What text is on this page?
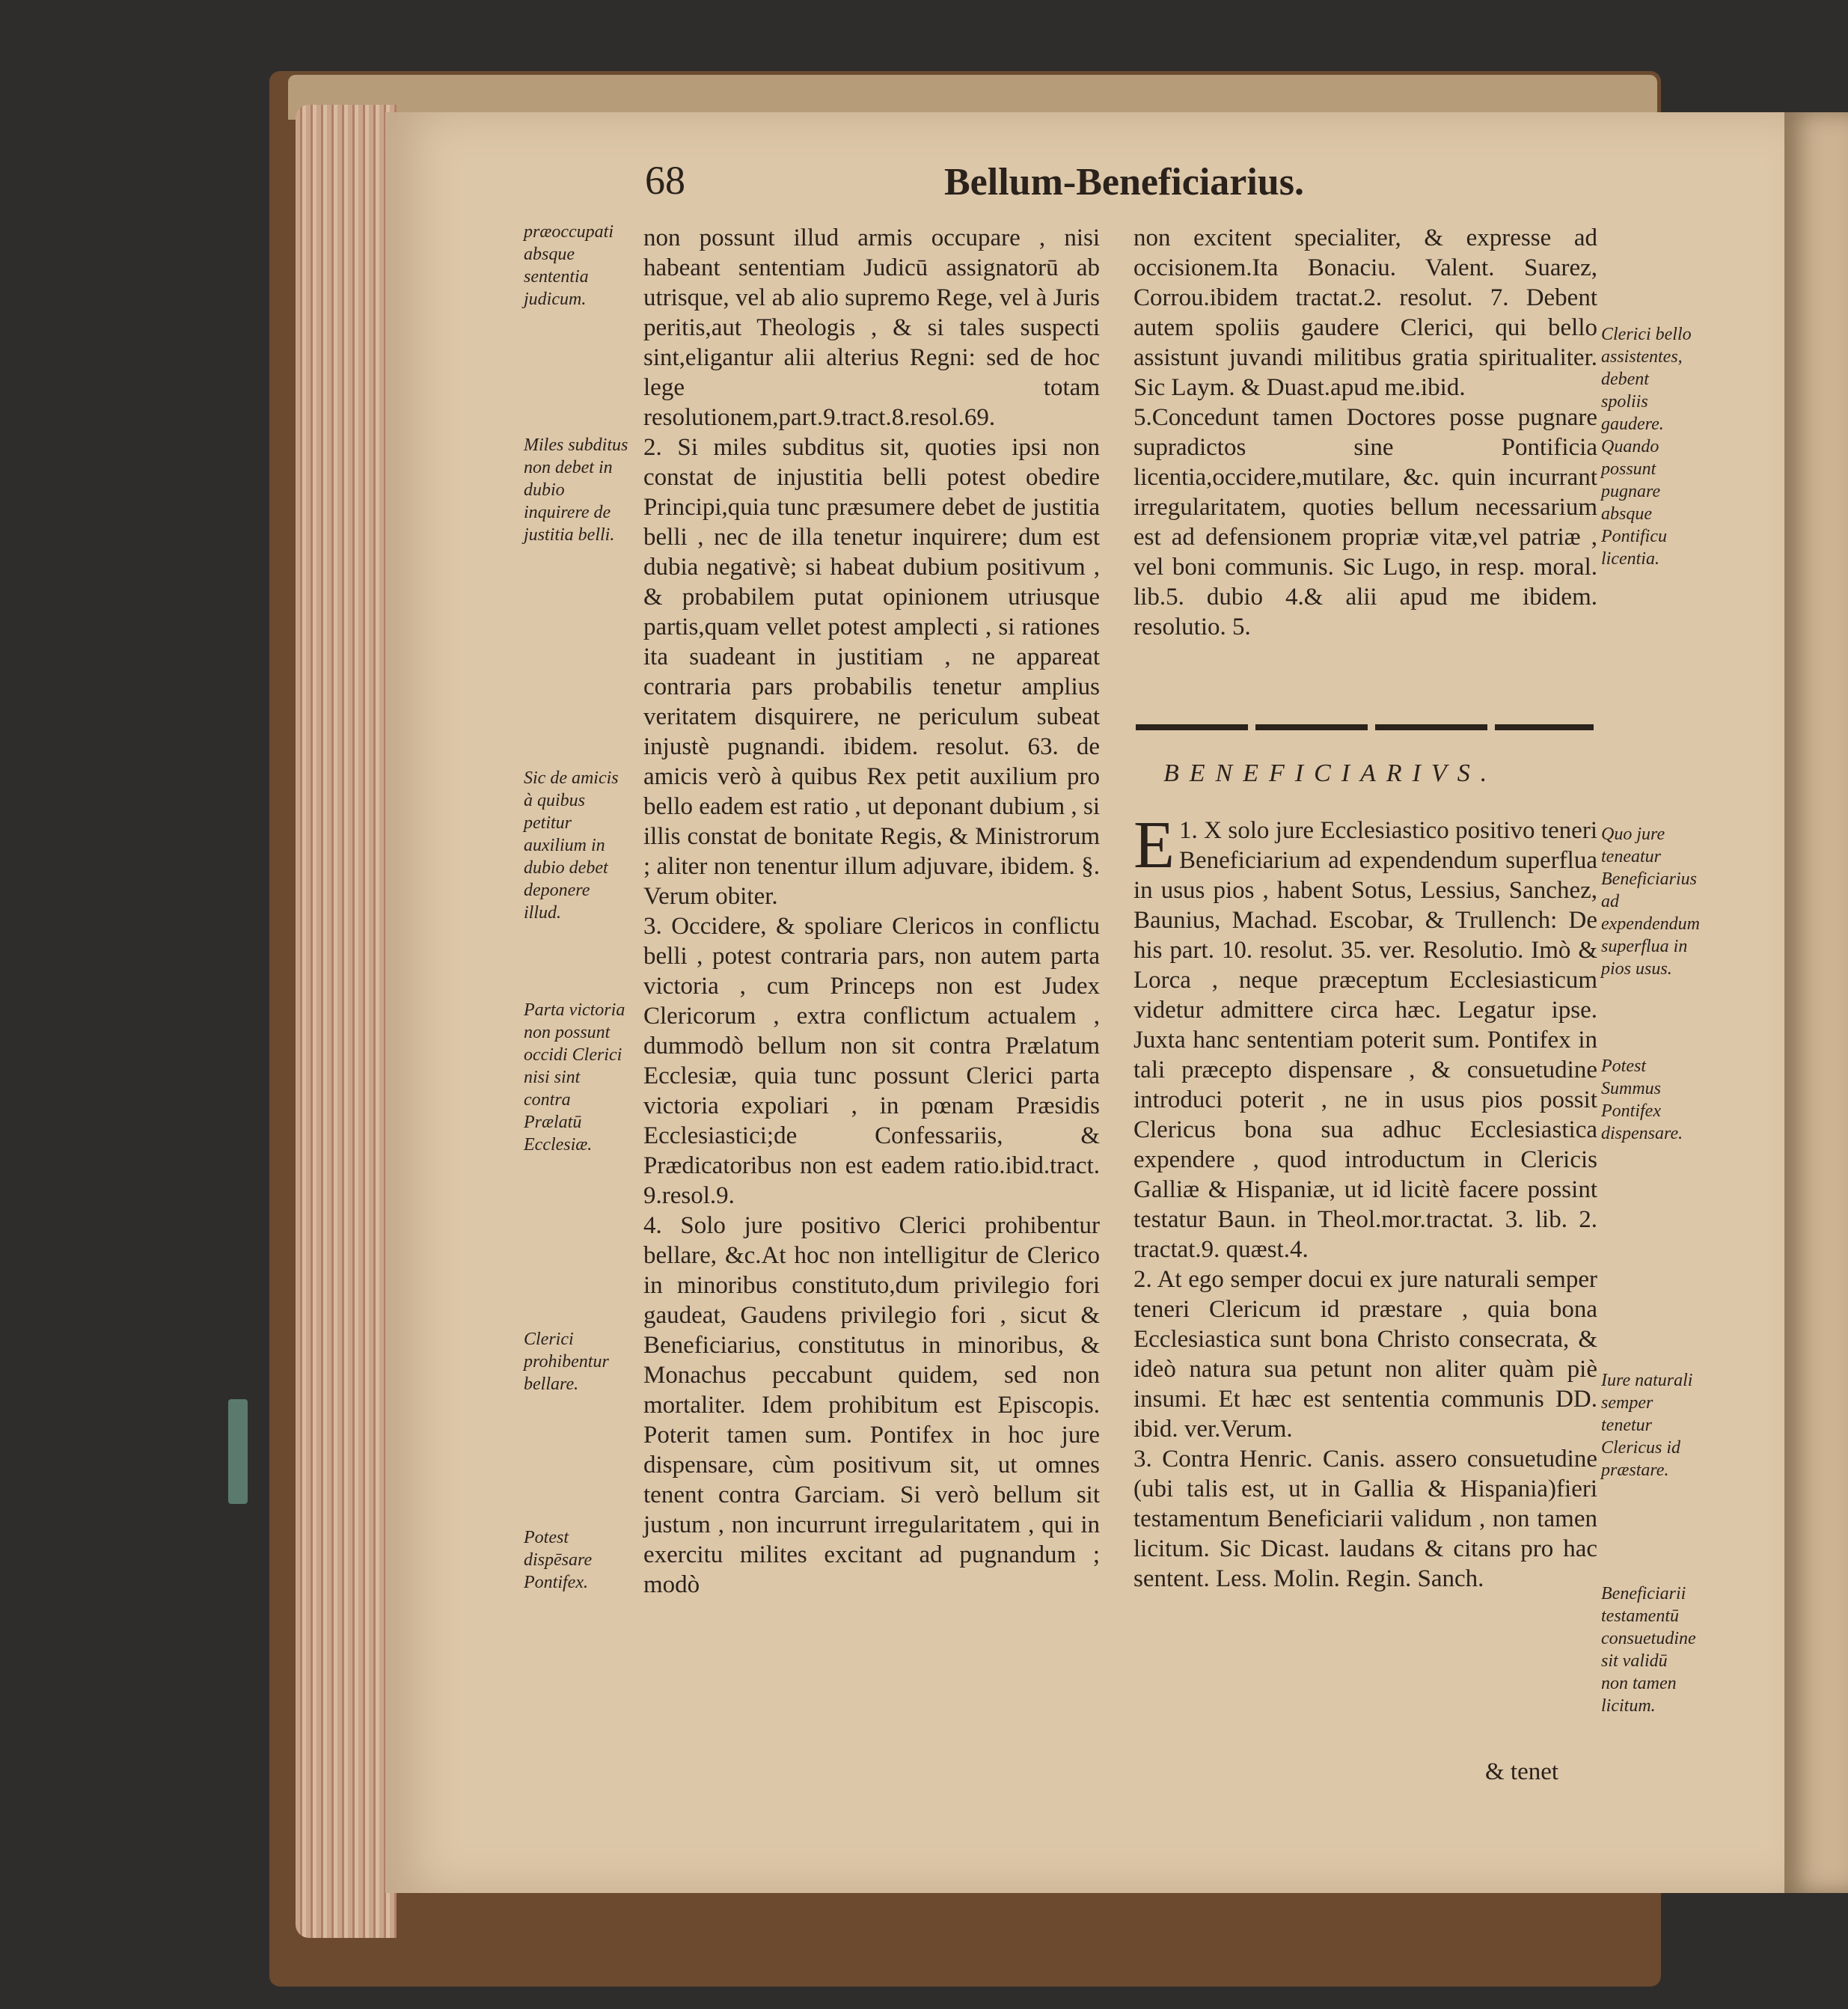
68	Bellum-Beneficiarius.
præoccupati absque sententia judicum.
Miles subditus non debet in dubio inquirere de justitia belli.
Sic de amicis à quibus petitur auxilium in dubio debet deponere illud.
Parta victoria non possunt occidi Clerici nisi sint contra Prælatū Ecclesiæ.
Clerici prohibentur bellare.
Potest dispēsare Pontifex.
Clerici bello assistentes, debent spoliis gaudere. Quando possunt pugnare absque Pontificu licentia.
Quo jure teneatur Beneficiarius ad expendendum superflua in pios usus.
Potest Summus Pontifex dispensare.
Iure naturali semper tenetur Clericus id præstare.
Beneficiarii testamentū consuetudine sit validū non tamen licitum.

non possunt illud armis occupare , nisi habeant sententiam Judicū assignatorū ab utrisque, vel ab alio supremo Rege, vel à Juris peritis,aut Theologis , & si tales suspecti sint,eligantur alii alterius Regni: sed de hoc lege totam resolutionem,part.9.tract.8.resol.69.

2. Si miles subditus sit, quoties ipsi non constat de injustitia belli potest obedire Principi,quia tunc præsumere debet de justitia belli , nec de illa tenetur inquirere; dum est dubia negativè; si habeat dubium positivum , & probabilem putat opinionem utriusque partis,quam vellet potest amplecti , si rationes ita suadeant in justitiam , ne appareat contraria pars probabilis tenetur amplius veritatem disquirere, ne periculum subeat injustè pugnandi. ibidem. resolut. 63. de amicis verò à quibus Rex petit auxilium pro bello eadem est ratio , ut deponant dubium , si illis constat de bonitate Regis, & Ministrorum ; aliter non tenentur illum adjuvare, ibidem. §. Verum obiter.

3. Occidere, & spoliare Clericos in conflictu belli , potest contraria pars, non autem parta victoria , cum Princeps non est Judex Clericorum , extra conflictum actualem , dummodò bellum non sit contra Prælatum Ecclesiæ, quia tunc possunt Clerici parta victoria expoliari , in pœnam Præsidis Ecclesiastici;de Confessariis, & Prædicatoribus non est eadem ratio.ibid.tract. 9.resol.9.

4. Solo jure positivo Clerici prohibentur bellare, &c.At hoc non intelligitur de Clerico in minoribus constituto,dum privilegio fori gaudeat, Gaudens privilegio fori , sicut & Beneficiarius, constitutus in minoribus, & Monachus peccabunt quidem, sed non mortaliter. Idem prohibitum est Episcopis. Poterit tamen sum. Pontifex in hoc jure dispensare, cùm positivum sit, ut omnes tenent contra Garciam. Si verò bellum sit justum , non incurrunt irregularitatem , qui in exercitu milites excitant ad pugnandum ; modò

non excitent specialiter, & expresse ad occisionem.Ita Bonaciu. Valent. Suarez, Corrou.ibidem tractat.2. resolut. 7. Debent autem spoliis gaudere Clerici, qui bello assistunt juvandi militibus gratia spiritualiter. Sic Laym. & Duast.apud me.ibid.

5.Concedunt tamen Doctores posse pugnare supradictos sine Pontificia licentia,occidere,mutilare, &c. quin incurrant irregularitatem, quoties bellum necessarium est ad defensionem propriæ vitæ,vel patriæ , vel boni communis. Sic Lugo, in resp. moral. lib.5. dubio 4.& alii apud me ibidem. resolutio. 5.

BENEFICIARIVS.

E 1. X solo jure Ecclesiastico positivo teneri Beneficiarium ad expendendum superflua in usus pios , habent Sotus, Lessius, Sanchez, Baunius, Machad. Escobar, & Trullench: De his part. 10. resolut. 35. ver. Resolutio. Imò & Lorca , neque præceptum Ecclesiasticum videtur admittere circa hæc. Legatur ipse. Juxta hanc sententiam poterit sum. Pontifex in tali præcepto dispensare , & consuetudine introduci poterit , ne in usus pios possit Clericus bona sua adhuc Ecclesiastica expendere , quod introductum in Clericis Galliæ & Hispaniæ, ut id licitè facere possint testatur Baun. in Theol.mor.tractat. 3. lib. 2. tractat.9. quæst.4.

2. At ego semper docui ex jure naturali semper teneri Clericum id præstare , quia bona Ecclesiastica sunt bona Christo consecrata, & ideò natura sua petunt non aliter quàm piè insumi. Et hæc est sententia communis DD. ibid. ver.Verum.

3. Contra Henric. Canis. assero consuetudine (ubi talis est, ut in Gallia & Hispania)fieri testamentum Beneficiarii validum , non tamen licitum. Sic Dicast. laudans & citans pro hac sentent. Less. Molin. Regin. Sanch.

& tenet
